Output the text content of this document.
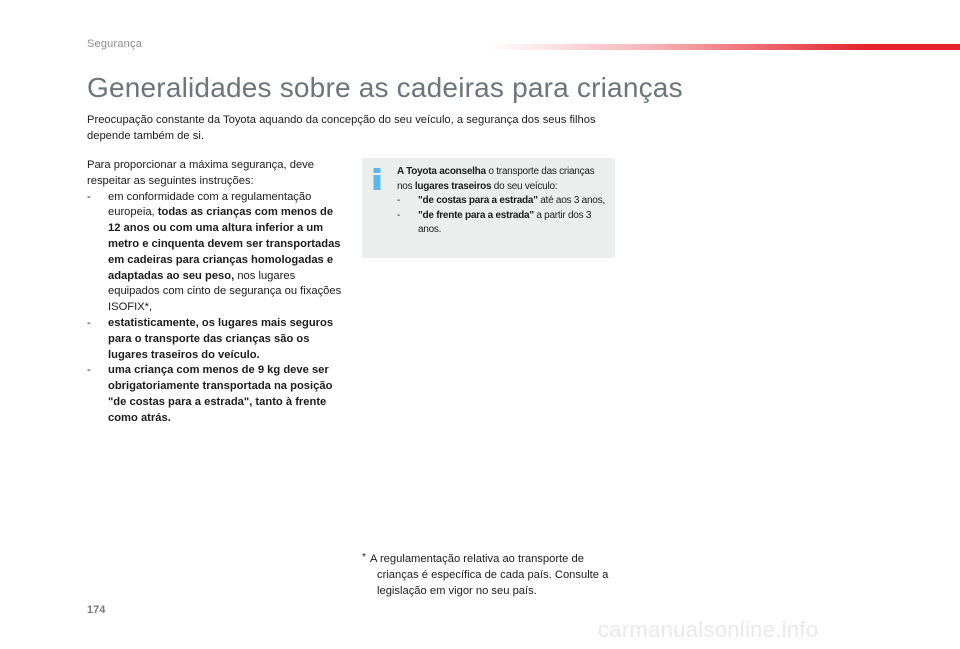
Segurança
Generalidades sobre as cadeiras para crianças

Preocupação constante da Toyota aquando da concepção do seu veículo, a segurança dos seus filhos depende também de si.

Para proporcionar a máxima segurança, deve respeitar as seguintes instruções:

- em conformidade com a regulamentação europeia, todas as crianças com menos de 12 anos ou com uma altura inferior a um metro e cinquenta devem ser transportadas em cadeiras para crianças homologadas e adaptadas ao seu peso, nos lugares equipados com cinto de segurança ou fixações ISOFIX*,
- estatisticamente, os lugares mais seguros para o transporte das crianças são os lugares traseiros do veículo.
- uma criança com menos de 9 kg deve ser obrigatoriamente transportada na posição "de costas para a estrada", tanto à frente como atrás.

A Toyota aconselha o transporte das crianças nos lugares traseiros do seu veículo:

- "de costas para a estrada" até aos 3 anos,
- "de frente para a estrada" a partir dos 3 anos.
* A regulamentação relativa ao transporte de
crianças é específica de cada país. Consulte a legislação em vigor no seu país.
174
carmanualsonline.info
